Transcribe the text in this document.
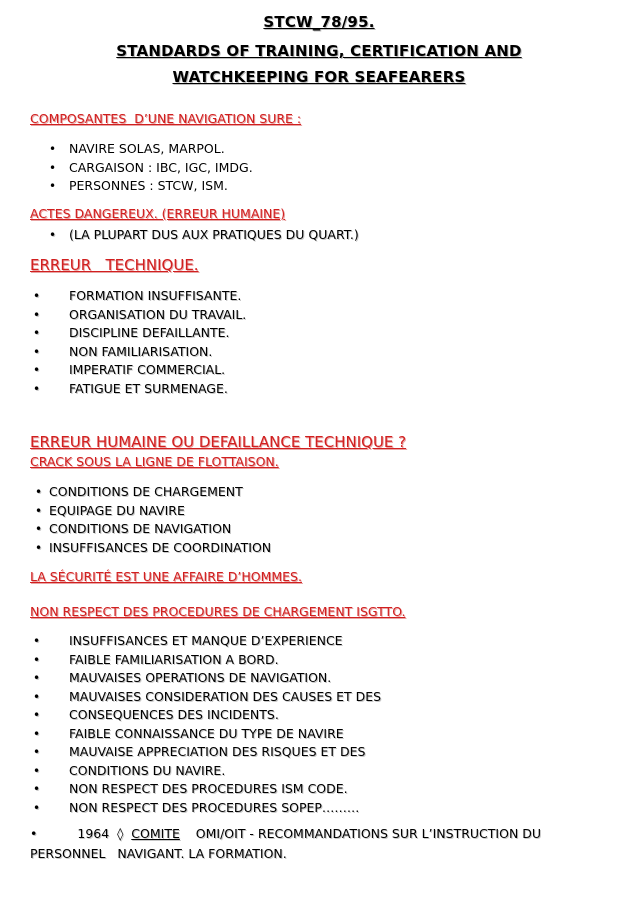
STCW_78/95.
STANDARDS OF TRAINING, CERTIFICATION AND
WATCHKEEPING FOR SEAFEARERS
COMPOSANTES  D’UNE NAVIGATION SURE :
• NAVIRE SOLAS, MARPOL.
• CARGAISON : IBC, IGC, IMDG.
• PERSONNES : STCW, ISM.
ACTES DANGEREUX. (ERREUR HUMAINE)
• (LA PLUPART DUS AUX PRATIQUES DU QUART.)
ERREUR   TECHNIQUE.
• FORMATION INSUFFISANTE.
• ORGANISATION DU TRAVAIL.
• DISCIPLINE DEFAILLANTE.
• NON FAMILIARISATION.
• IMPERATIF COMMERCIAL.
• FATIGUE ET SURMENAGE.
ERREUR HUMAINE OU DEFAILLANCE TECHNIQUE ?
CRACK SOUS LA LIGNE DE FLOTTAISON.
• CONDITIONS DE CHARGEMENT
• EQUIPAGE DU NAVIRE
• CONDITIONS DE NAVIGATION
• INSUFFISANCES DE COORDINATION
LA SÉCURITÉ EST UNE AFFAIRE D’HOMMES.
NON RESPECT DES PROCEDURES DE CHARGEMENT ISGTTO.
• INSUFFISANCES ET MANQUE D’EXPERIENCE
• FAIBLE FAMILIARISATION A BORD.
• MAUVAISES OPERATIONS DE NAVIGATION.
• MAUVAISES CONSIDERATION DES CAUSES ET DES
• CONSEQUENCES DES INCIDENTS.
• FAIBLE CONNAISSANCE DU TYPE DE NAVIRE
• MAUVAISE APPRECIATION DES RISQUES ET DES
• CONDITIONS DU NAVIRE.
• NON RESPECT DES PROCEDURES ISM CODE.
• NON RESPECT DES PROCEDURES SOPEP………
•	1964 ◊ COMITE OMI/OIT - RECOMMANDATIONS SUR L’INSTRUCTION DU
PERSONNEL   NAVIGANT. LA FORMATION.
